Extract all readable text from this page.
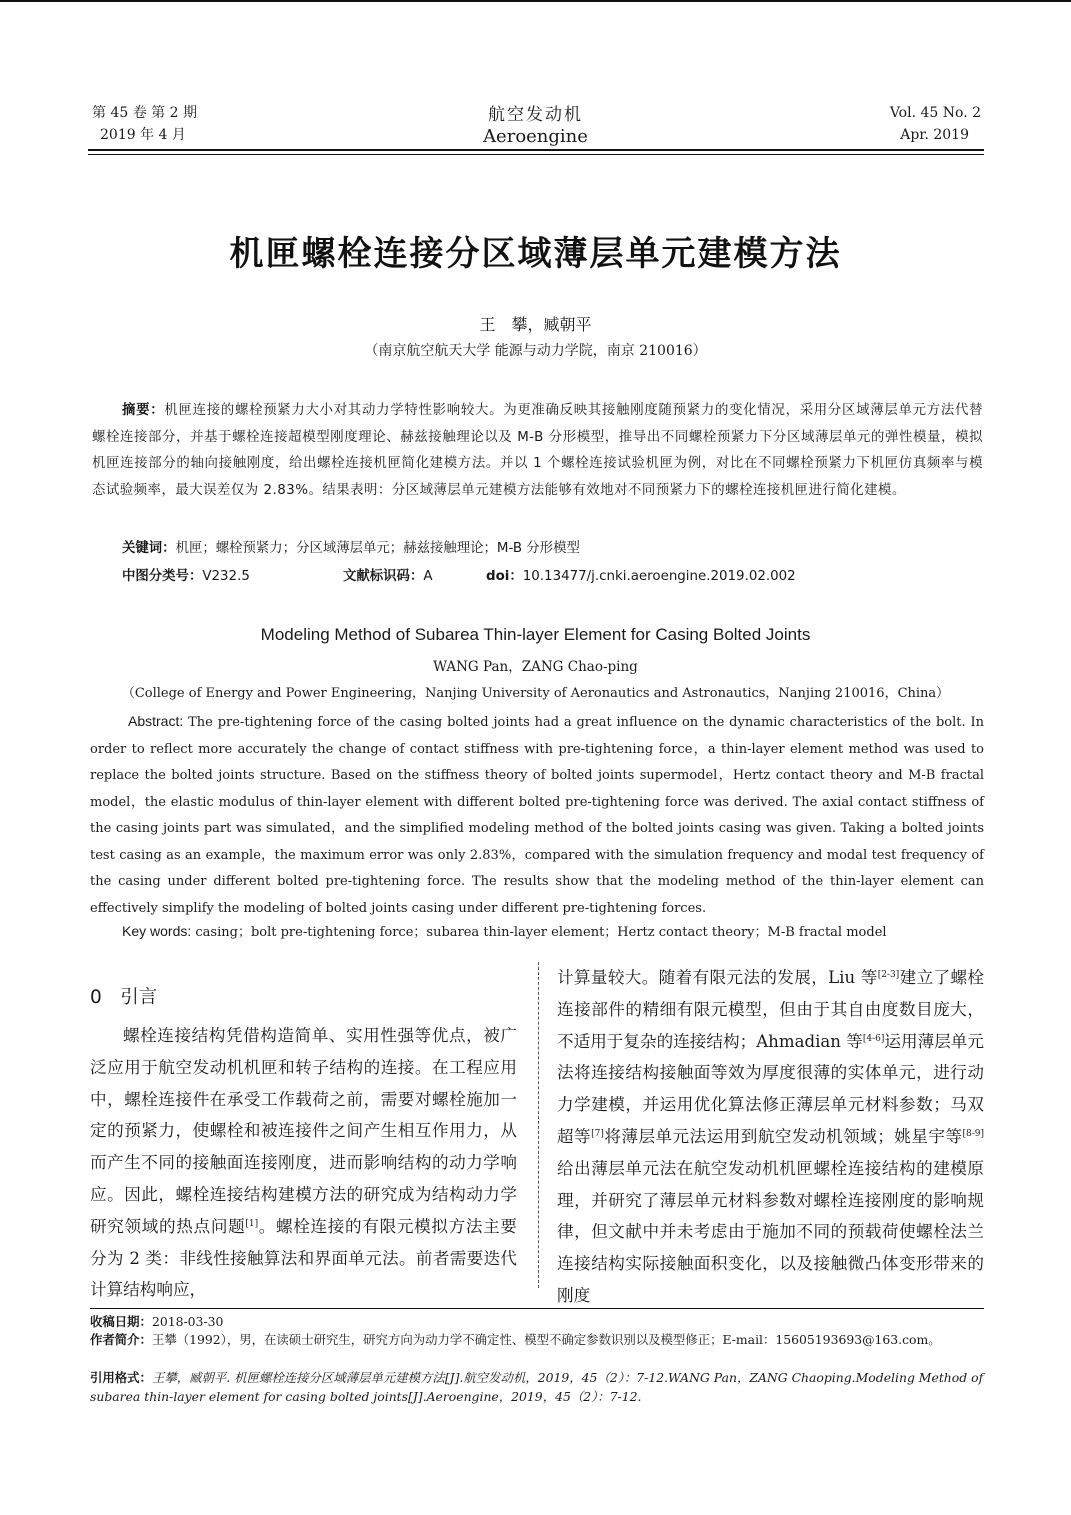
第 45 卷 第 2 期
2019 年 4 月
航空发动机
Aeroengine
Vol. 45 No. 2
Apr. 2019
机匣螺栓连接分区域薄层单元建模方法
王　攀，臧朝平
（南京航空航天大学 能源与动力学院，南京 210016）
摘要：机匣连接的螺栓预紧力大小对其动力学特性影响较大。为更准确反映其接触刚度随预紧力的变化情况，采用分区域薄层单元方法代替螺栓连接部分，并基于螺栓连接超模型刚度理论、赫兹接触理论以及 M-B 分形模型，推导出不同螺栓预紧力下分区域薄层单元的弹性模量，模拟机匣连接部分的轴向接触刚度，给出螺栓连接机匣简化建模方法。并以 1 个螺栓连接试验机匣为例，对比在不同螺栓预紧力下机匣仿真频率与模态试验频率，最大误差仅为 2.83%。结果表明：分区域薄层单元建模方法能够有效地对不同预紧力下的螺栓连接机匣进行简化建模。
关键词：机匣；螺栓预紧力；分区域薄层单元；赫兹接触理论；M-B 分形模型
中图分类号：V232.5	文献标识码：A	doi：10.13477/j.cnki.aeroengine.2019.02.002
Modeling Method of Subarea Thin-layer Element for Casing Bolted Joints
WANG Pan，ZANG Chao-ping
（College of Energy and Power Engineering，Nanjing University of Aeronautics and Astronautics，Nanjing 210016，China）
Abstract: The pre-tightening force of the casing bolted joints had a great influence on the dynamic characteristics of the bolt. In order to reflect more accurately the change of contact stiffness with pre-tightening force，a thin-layer element method was used to replace the bolted joints structure. Based on the stiffness theory of bolted joints supermodel，Hertz contact theory and M-B fractal model，the elastic modulus of thin-layer element with different bolted pre-tightening force was derived. The axial contact stiffness of the casing joints part was simulated，and the simplified modeling method of the bolted joints casing was given. Taking a bolted joints test casing as an example，the maximum error was only 2.83%，compared with the simulation frequency and modal test frequency of the casing under different bolted pre-tightening force. The results show that the modeling method of the thin-layer element can effectively simplify the modeling of bolted joints casing under different pre-tightening forces.
Key words: casing；bolt pre-tightening force；subarea thin-layer element；Hertz contact theory；M-B fractal model
0　引言

螺栓连接结构凭借构造简单、实用性强等优点，被广泛应用于航空发动机机匣和转子结构的连接。在工程应用中，螺栓连接件在承受工作载荷之前，需要对螺栓施加一定的预紧力，使螺栓和被连接件之间产生相互作用力，从而产生不同的接触面连接刚度，进而影响结构的动力学响应。因此，螺栓连接结构建模方法的研究成为结构动力学研究领域的热点问题[1]。螺栓连接的有限元模拟方法主要分为 2 类：非线性接触算法和界面单元法。前者需要迭代计算结构响应，

计算量较大。随着有限元法的发展，Liu 等[2-3]建立了螺栓连接部件的精细有限元模型，但由于其自由度数目庞大，不适用于复杂的连接结构；Ahmadian 等[4-6]运用薄层单元法将连接结构接触面等效为厚度很薄的实体单元，进行动力学建模，并运用优化算法修正薄层单元材料参数；马双超等[7]将薄层单元法运用到航空发动机领域；姚星宇等[8-9]给出薄层单元法在航空发动机机匣螺栓连接结构的建模原理，并研究了薄层单元材料参数对螺栓连接刚度的影响规律，但文献中并未考虑由于施加不同的预载荷使螺栓法兰连接结构实际接触面积变化，以及接触微凸体变形带来的刚度

收稿日期：2018-03-30
作者简介：王攀（1992），男，在读硕士研究生，研究方向为动力学不确定性、模型不确定参数识别以及模型修正；E-mail：15605193693@163.com。
引用格式：王攀，臧朝平. 机匣螺栓连接分区域薄层单元建模方法[J].航空发动机，2019，45（2）：7-12.WANG Pan，ZANG Chaoping.Modeling Method of subarea thin-layer element for casing bolted joints[J].Aeroengine，2019，45（2）：7-12.
